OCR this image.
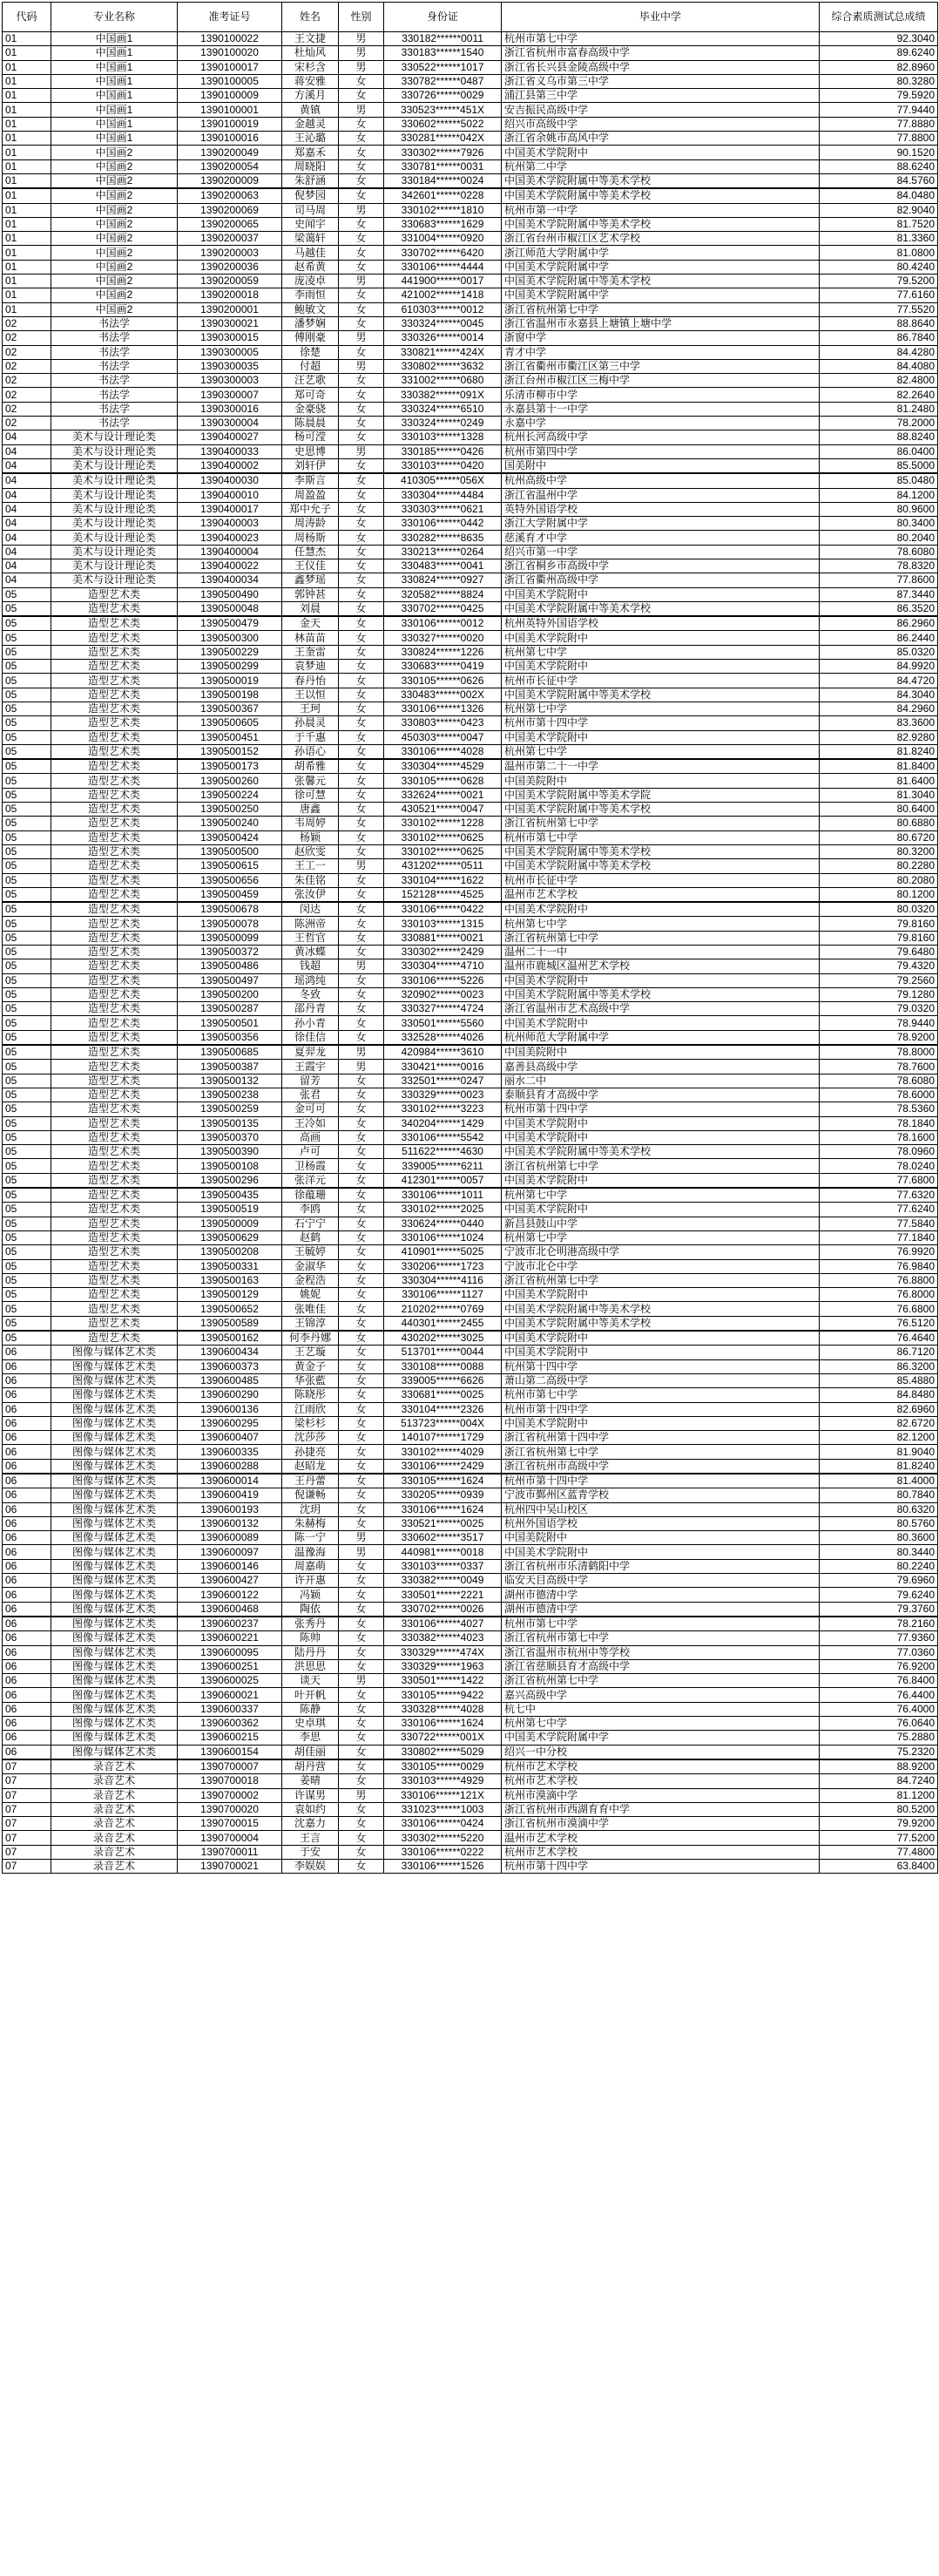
代码	专业名称	准考证号	姓名	性别	身份证	毕业中学	综合素质测试总成绩
01	中国画1	1390100022	王文捷	男	330182******0011	杭州市第七中学	92.3040
01	中国画1	1390100020	杜灿风	男	330183******1540	浙江省杭州市富春高级中学	89.6240
01	中国画1	1390100017	宋杉含	男	330522******1017	浙江省长兴县金陵高级中学	82.8960
01	中国画1	1390100005	蒋安雅	女	330782******0487	浙江省义乌市第三中学	80.3280
01	中国画1	1390100009	方溪月	女	330726******0029	浦江县第三中学	79.5920
01	中国画1	1390100001	黄镇	男	330523******451X	安吉振民高级中学	77.9440
01	中国画1	1390100019	金越灵	女	330602******5022	绍兴市高级中学	77.8880
01	中国画1	1390100016	王沁璐	女	330281******042X	浙江省余姚市高风中学	77.8800
01	中国画2	1390200049	郑嘉禾	女	330302******7926	中国美术学院附中	90.1520
01	中国画2	1390200054	周晓阳	女	330781******0031	杭州第二中学	88.6240
01	中国画2	1390200009	朱舒涵	女	330184******0024	中国美术学院附属中等美术学校	84.5760
01	中国画2	1390200063	倪梦园	女	342601******0228	中国美术学院附属中等美术学校	84.0480
01	中国画2	1390200069	司马周	男	330102******1810	杭州市第一中学	82.9040
01	中国画2	1390200065	史闻宇	女	330683******1629	中国美术学院附属中等美术学校	81.7520
01	中国画2	1390200037	梁蔼轩	女	331004******0920	浙江省台州市椒江区艺术学校	81.3360
01	中国画2	1390200003	马越佳	女	330702******6420	浙江师范大学附属中学	81.0800
01	中国画2	1390200036	赵希黄	女	330106******4444	中国美术学院附属中学	80.4240
01	中国画2	1390200059	庞凌卓	男	441900******0017	中国美术学院附属中等美术学校	79.5200
01	中国画2	1390200018	李雨恒	女	421002******1418	中国美术学院附属中学	77.6160
01	中国画2	1390200001	鲍敏文	女	610303******0012	浙江省杭州第七中学	77.5520
02	书法学	1390300021	潘梦娴	女	330324******0045	浙江省温州市永嘉县上塘镇上塘中学	88.8640
02	书法学	1390300015	傅刚豪	男	330326******0014	浙窗中学	86.7840
02	书法学	1390300005	徐楚	女	330821******424X	青才中学	84.4280
02	书法学	1390300035	付超	男	330802******3632	浙江省衢州市衢江区第三中学	84.4080
02	书法学	1390300003	汪艺歌	女	331002******0680	浙江台州市椒江区三梅中学	82.4800
02	书法学	1390300007	郑可奇	女	330382******091X	乐清市柳市中学	82.2640
02	书法学	1390300016	金豪骁	女	330324******6510	永嘉县第十一中学	81.2480
02	书法学	1390300004	陈晨晨	女	330324******0249	永嘉中学	78.2000
04	美术与设计理论类	1390400027	杨可滢	女	330103******1328	杭州长河高级中学	88.8240
04	美术与设计理论类	1390400033	史思博	男	330185******0426	杭州市第四中学	86.0400
04	美术与设计理论类	1390400002	刘轩伊	女	330103******0420	国美附中	85.5000
04	美术与设计理论类	1390400030	李斯言	女	410305******056X	杭州高级中学	85.0480
04	美术与设计理论类	1390400010	周盈盈	女	330304******4484	浙江省温州中学	84.1200
04	美术与设计理论类	1390400017	郑中允子	女	330303******0621	英特外国语学校	80.9600
04	美术与设计理论类	1390400003	周涛龄	女	330106******0442	浙江大学附属中学	80.3400
04	美术与设计理论类	1390400023	周杨斯	女	330282******8635	慈溪育才中学	80.2040
04	美术与设计理论类	1390400004	任慧杰	女	330213******0264	绍兴市第一中学	78.6080
04	美术与设计理论类	1390400022	王仪佳	女	330483******0041	浙江省桐乡市高级中学	78.8320
04	美术与设计理论类	1390400034	鑫梦瑶	女	330824******0927	浙江省衢州高级中学	77.8600
05	造型艺术类	1390500490	郭钟甚	女	320582******8824	中国美术学院附中	87.3440
05	造型艺术类	1390500048	刘晨	女	330702******0425	中国美术学院附属中等美术学校	86.3520
05	造型艺术类	1390500479	金天	女	330106******0012	杭州英特外国语学校	86.2960
05	造型艺术类	1390500300	林苗苗	女	330327******0020	中国美术学院附中	86.2440
05	造型艺术类	1390500229	王奎雷	女	330824******1226	杭州第七中学	85.0320
05	造型艺术类	1390500299	袁梦迪	女	330683******0419	中国美术学院附中	84.9920
05	造型艺术类	1390500019	春丹怡	女	330105******0626	杭州市长征中学	84.4720
05	造型艺术类	1390500198	王以恒	女	330483******002X	中国美术学院附属中等美术学校	84.3040
05	造型艺术类	1390500367	王珂	女	330106******1326	杭州第七中学	84.2960
05	造型艺术类	1390500605	孙晨灵	女	330803******0423	杭州市第十四中学	83.3600
05	造型艺术类	1390500451	于千惠	女	450303******0047	中国美术学院附中	82.9280
05	造型艺术类	1390500152	孙语心	女	330106******4028	杭州第七中学	81.8240
05	造型艺术类	1390500173	胡希雅	女	330304******4529	温州市第二十一中学	81.8400
05	造型艺术类	1390500260	张馨元	女	330105******0628	中国美院附中	81.6400
05	造型艺术类	1390500224	徐可慧	女	332624******0021	中国美术学院附属中等美术学院	81.3040
05	造型艺术类	1390500250	唐鑫	女	430521******0047	中国美术学院附属中等美术学校	80.6400
05	造型艺术类	1390500240	韦周婷	女	330102******1228	浙江省杭州第七中学	80.6880
05	造型艺术类	1390500424	杨颖	女	330102******0625	杭州市第七中学	80.6720
05	造型艺术类	1390500500	赵欣雯	女	330102******0625	中国美术学院附属中等美术学校	80.3200
05	造型艺术类	1390500615	王工一	男	431202******0511	中国美术学院附属中等美术学校	80.2280
05	造型艺术类	1390500656	朱佳铭	女	330104******1622	杭州市长征中学	80.2080
05	造型艺术类	1390500459	张汝伊	女	152128******4525	温州市艺术学校	80.1200
05	造型艺术类	1390500678	闵达	女	330106******0422	中国美术学院附中	80.0320
05	造型艺术类	1390500078	陈洲帝	女	330103******1315	杭州第七中学	79.8160
05	造型艺术类	1390500099	王哲官	女	330881******0021	浙江省杭州第七中学	79.8160
05	造型艺术类	1390500372	黄冰蝶	女	330302******2429	温州二十一中	79.6480
05	造型艺术类	1390500486	钱超	男	330304******4710	温州市鹿城区温州艺术学校	79.4320
05	造型艺术类	1390500497	瑶鸿纯	女	330106******5226	中国美术学院附中	79.2560
05	造型艺术类	1390500200	冬致	女	320902******0023	中国美术学院附属中等美术学校	79.1280
05	造型艺术类	1390500287	邵丹青	女	330327******4724	浙江省温州市艺术高级中学	79.0320
05	造型艺术类	1390500501	孙小青	女	330501******5560	中国美术学院附中	78.9440
05	造型艺术类	1390500356	徐佳信	女	332528******4026	杭州师范大学附属中学	78.9200
05	造型艺术类	1390500685	夏羿龙	男	420984******3610	中国美院附中	78.8000
05	造型艺术类	1390500387	王霞宇	男	330421******0016	嘉善县高级中学	78.7600
05	造型艺术类	1390500132	留芳	女	332501******0247	丽水二中	78.6080
05	造型艺术类	1390500238	张君	女	330329******0023	泰顺县育才高级中学	78.6000
05	造型艺术类	1390500259	金可可	女	330102******3223	杭州市第十四中学	78.5360
05	造型艺术类	1390500135	王冷如	女	340204******1429	中国美术学院附中	78.1840
05	造型艺术类	1390500370	高画	女	330106******5542	中国美术学院附中	78.1600
05	造型艺术类	1390500390	卢可	女	511622******4630	中国美术学院附属中等美术学校	78.0960
05	造型艺术类	1390500108	卫杨霞	女	339005******6211	浙江省杭州第七中学	78.0240
05	造型艺术类	1390500296	张洋元	女	412301******0057	中国美术学院附中	77.6800
05	造型艺术类	1390500435	徐蕴珊	女	330106******1011	杭州第七中学	77.6320
05	造型艺术类	1390500519	李鸥	女	330102******2025	中国美术学院附中	77.6240
05	造型艺术类	1390500009	石宁宁	女	330624******0440	新昌县鼓山中学	77.5840
05	造型艺术类	1390500629	赵鹤	女	330106******1024	杭州第七中学	77.1840
05	造型艺术类	1390500208	王毓婷	女	410901******5025	宁波市北仑明港高级中学	76.9920
05	造型艺术类	1390500331	金淑华	女	330206******1723	宁波市北仑中学	76.9840
05	造型艺术类	1390500163	金程浩	女	330304******4116	浙江省杭州第七中学	76.8800
05	造型艺术类	1390500129	姚妮	女	330106******1127	中国美术学院附中	76.8000
05	造型艺术类	1390500652	张唯佳	女	210202******0769	中国美术学院附属中等美术学校	76.6800
05	造型艺术类	1390500589	王锦淳	女	440301******2455	中国美术学院附属中等美术学校	76.5120
05	造型艺术类	1390500162	何李丹娜	女	430202******3025	中国美术学院附中	76.4640
06	图像与媒体艺术类	1390600434	王艺璇	女	513701******0044	中国美术学院附中	86.7120
06	图像与媒体艺术类	1390600373	黄金子	女	330108******0088	杭州第十四中学	86.3200
06	图像与媒体艺术类	1390600485	华张藍	女	339005******6626	萧山第二高级中学	85.4880
06	图像与媒体艺术类	1390600290	陈晓彤	女	330681******0025	杭州市第七中学	84.8480
06	图像与媒体艺术类	1390600136	江雨欣	女	330104******2326	杭州市第十四中学	82.6960
06	图像与媒体艺术类	1390600295	梁杉杉	女	513723******004X	中国美术学院附中	82.6720
06	图像与媒体艺术类	1390600407	沈莎莎	女	140107******1729	浙江省杭州第十四中学	82.1200
06	图像与媒体艺术类	1390600335	孙捷亮	女	330102******4029	浙江省杭州第七中学	81.9040
06	图像与媒体艺术类	1390600288	赵昭龙	女	330106******2429	浙江省杭州市高级中学	81.8240
06	图像与媒体艺术类	1390600014	王丹蕾	女	330105******1624	杭州市第十四中学	81.4000
06	图像与媒体艺术类	1390600419	倪谦畅	女	330205******0939	宁波市鄞州区蓝青学校	80.7840
06	图像与媒体艺术类	1390600193	沈玥	女	330106******1624	杭州四中吴山校区	80.6320
06	图像与媒体艺术类	1390600132	朱赫梅	女	330521******0025	杭州外国语学校	80.5760
06	图像与媒体艺术类	1390600089	陈一宁	男	330602******3517	中国美院附中	80.3600
06	图像与媒体艺术类	1390600097	温豫海	男	440981******0018	中国美术学院附中	80.3440
06	图像与媒体艺术类	1390600146	周嘉萌	女	330103******0337	浙江省杭州市乐清鹤阳中学	80.2240
06	图像与媒体艺术类	1390600427	许开惠	女	330382******0049	临安天目高级中学	79.6960
06	图像与媒体艺术类	1390600122	冯颖	女	330501******2221	湖州市德清中学	79.6240
06	图像与媒体艺术类	1390600468	陶依	女	330702******0026	湖州市德清中学	79.3760
06	图像与媒体艺术类	1390600237	张秀丹	女	330106******4027	杭州市第七中学	78.2160
06	图像与媒体艺术类	1390600221	陈帅	女	330382******4023	浙江省杭州市第七中学	77.9360
06	图像与媒体艺术类	1390600095	陆丹丹	女	330329******474X	浙江省温州市杭州中等学校	77.0360
06	图像与媒体艺术类	1390600251	洪思思	女	330329******1963	浙江省慈顺县育才高级中学	76.9200
06	图像与媒体艺术类	1390600025	谈天	男	330501******1422	浙江省杭州第七中学	76.8400
06	图像与媒体艺术类	1390600021	叶开帆	女	330105******9422	嘉兴高级中学	76.4400
06	图像与媒体艺术类	1390600337	陈静	女	330328******4028	杭七中	76.4000
06	图像与媒体艺术类	1390600362	史卓琪	女	330106******1624	杭州第七中学	76.0640
06	图像与媒体艺术类	1390600215	李思	女	330722******001X	中国美术学院附属中学	75.2880
06	图像与媒体艺术类	1390600154	胡佳丽	女	330802******5029	绍兴一中分校	75.2320
07	录音艺术	1390700007	胡丹营	女	330105******0029	杭州市艺术学校	88.9200
07	录音艺术	1390700018	姜晴	女	330103******4929	杭州市艺术学校	84.7240
07	录音艺术	1390700002	许谋男	男	330106******121X	杭州市漠滴中学	81.1200
07	录音艺术	1390700020	袁如约	女	331023******1003	浙江省杭州市西湖育育中学	80.5200
07	录音艺术	1390700015	沈嘉力	女	330106******0424	浙江省杭州市漠滴中学	79.9200
07	录音艺术	1390700004	王言	女	330302******5220	温州市艺术学校	77.5200
07	录音艺术	1390700011	于安	女	330106******0222	杭州市艺术学校	77.4800
07	录音艺术	1390700021	李娱娱	女	330106******1526	杭州市第十四中学	63.8400
